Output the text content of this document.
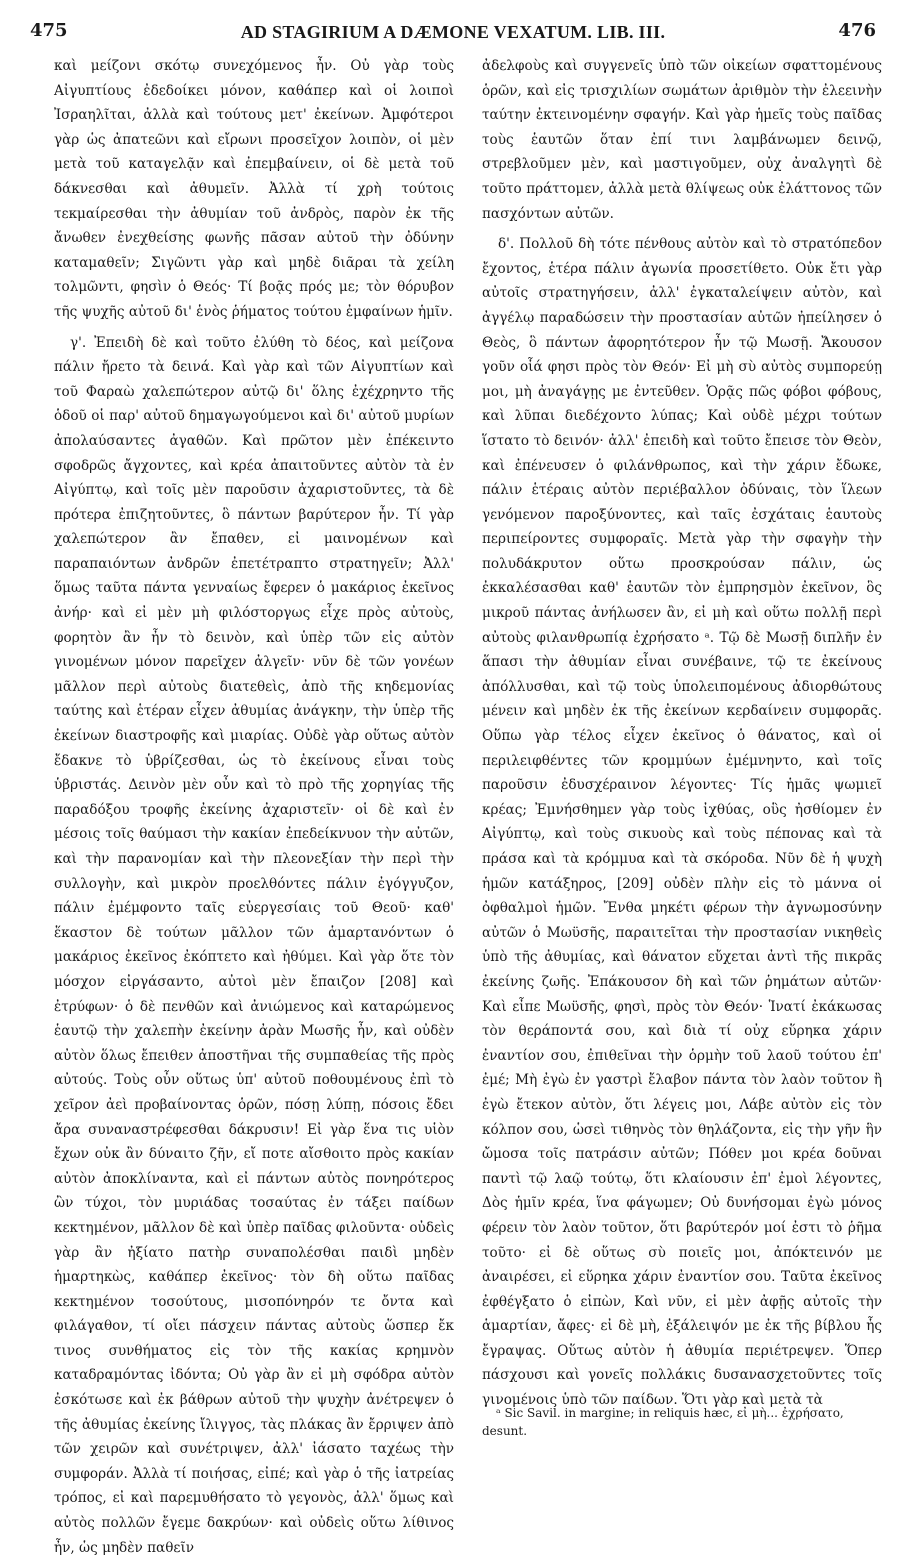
475	AD STAGIRIUM A DÆMONE VEXATUM. LIB. III.	476

καὶ μείζονι σκότῳ συνεχόμενος ἦν. Οὐ γὰρ τοὺς Αἰγυπτίους ἐδεδοίκει μόνον, καθάπερ καὶ οἱ λοιποὶ Ἰσραηλῖται, ἀλλὰ καὶ τούτους μετ' ἐκείνων. Ἀμφότεροι γὰρ ὡς ἀπατεῶνι καὶ εἴρωνι προσεῖχον λοιπὸν, οἱ μὲν μετὰ τοῦ καταγελᾷν καὶ ἐπεμβαίνειν, οἱ δὲ μετὰ τοῦ δάκνεσθαι καὶ ἀθυμεῖν. Ἀλλὰ τί χρὴ τούτοις τεκμαίρεσθαι τὴν ἀθυμίαν τοῦ ἀνδρὸς, παρὸν ἐκ τῆς ἄνωθεν ἐνεχθείσης φωνῆς πᾶσαν αὐτοῦ τὴν ὀδύνην καταμαθεῖν; Σιγῶντι γὰρ καὶ μηδὲ διᾶραι τὰ χείλη τολμῶντι, φησὶν ὁ Θεός· Τί βοᾷς πρός με; τὸν θόρυβον τῆς ψυχῆς αὐτοῦ δι' ἑνὸς ῥήματος τούτου ἐμφαίνων ἡμῖν.

γ'. Ἐπειδὴ δὲ καὶ τοῦτο ἐλύθη τὸ δέος, καὶ μείζονα πάλιν ἤρετο τὰ δεινά. Καὶ γὰρ καὶ τῶν Αἰγυπτίων καὶ τοῦ Φαραὼ χαλεπώτερον αὐτῷ δι' ὅλης ἐχέχρηντο τῆς ὁδοῦ οἱ παρ' αὐτοῦ δημαγωγούμενοι καὶ δι' αὐτοῦ μυρίων ἀπολαύσαντες ἀγαθῶν. Καὶ πρῶτον μὲν ἐπέκειντο σφοδρῶς ἄγχοντες, καὶ κρέα ἀπαιτοῦντες αὐτὸν τὰ ἐν Αἰγύπτῳ, καὶ τοῖς μὲν παροῦσιν ἀχαριστοῦντες, τὰ δὲ πρότερα ἐπιζητοῦντες, ὃ πάντων βαρύτερον ἦν. Τί γὰρ χαλεπώτερον ἂν ἔπαθεν, εἰ μαινομένων καὶ παραπαιόντων ἀνδρῶν ἐπετέτραπτο στρατηγεῖν; Ἀλλ' ὅμως ταῦτα πάντα γενναίως ἔφερεν ὁ μακάριος ἐκεῖνος ἀνήρ· καὶ εἰ μὲν μὴ φιλόστοργως εἶχε πρὸς αὐτοὺς, φορητὸν ἂν ἦν τὸ δεινὸν, καὶ ὑπὲρ τῶν εἰς αὐτὸν γινομένων μόνον παρεῖχεν ἀλγεῖν· νῦν δὲ τῶν γονέων μᾶλλον περὶ αὐτοὺς διατεθεὶς, ἀπὸ τῆς κηδεμονίας ταύτης καὶ ἑτέραν εἶχεν ἀθυμίας ἀνάγκην, τὴν ὑπὲρ τῆς ἐκείνων διαστροφῆς καὶ μιαρίας. Οὐδὲ γὰρ οὕτως αὐτὸν ἔδακνε τὸ ὑβρίζεσθαι, ὡς τὸ ἐκείνους εἶναι τοὺς ὑβριστάς. Δεινὸν μὲν οὖν καὶ τὸ πρὸ τῆς χορηγίας τῆς παραδόξου τροφῆς ἐκείνης ἀχαριστεῖν· οἱ δὲ καὶ ἐν μέσοις τοῖς θαύμασι τὴν κακίαν ἐπεδείκνυον τὴν αὐτῶν, καὶ τὴν παρανομίαν καὶ τὴν πλεονεξίαν τὴν περὶ τὴν συλλογὴν, καὶ μικρὸν προελθόντες πάλιν ἐγόγγυζον, πάλιν ἐμέμφοντο ταῖς εὐεργεσίαις τοῦ Θεοῦ· καθ' ἕκαστον δὲ τούτων μᾶλλον τῶν ἁμαρτανόντων ὁ μακάριος ἐκεῖνος ἐκόπτετο καὶ ἠθύμει. Καὶ γὰρ ὅτε τὸν μόσχον εἰργάσαντο, αὐτοὶ μὲν ἔπαιζον [208] καὶ ἐτρύφων· ὁ δὲ πενθῶν καὶ ἀνιώμενος καὶ καταρώμενος ἑαυτῷ τὴν χαλεπὴν ἐκείνην ἀρὰν Μωσῆς ἦν, καὶ οὐδὲν αὐτὸν ὅλως ἔπειθεν ἀποστῆναι τῆς συμπαθείας τῆς πρὸς αὐτούς. Τοὺς οὖν οὕτως ὑπ' αὐτοῦ ποθουμένους ἐπὶ τὸ χεῖρον ἀεὶ προβαίνοντας ὁρῶν, πόσῃ λύπῃ, πόσοις ἔδει ἄρα συναναστρέφεσθαι δάκρυσιν! Εἰ γὰρ ἕνα τις υἱὸν ἔχων οὐκ ἂν δύναιτο ζῆν, εἴ ποτε αἴσθοιτο πρὸς κακίαν αὐτὸν ἀποκλίναντα, καὶ εἰ πάντων αὐτὸς πονηρότερος ὢν τύχοι, τὸν μυριάδας τοσαύτας ἐν τάξει παίδων κεκτημένον, μᾶλλον δὲ καὶ ὑπὲρ παῖδας φιλοῦντα· οὐδεὶς γὰρ ἂν ἠξίατο πατὴρ συναπολέσθαι παιδὶ μηδὲν ἡμαρτηκὼς, καθάπερ ἐκεῖνος· τὸν δὴ οὕτω παῖδας κεκτημένον τοσούτους, μισοπόνηρόν τε ὄντα καὶ φιλάγαθον, τί οἴει πάσχειν πάντας αὐτοὺς ὥσπερ ἔκ τινος συνθήματος εἰς τὸν τῆς κακίας κρημνὸν καταδραμόντας ἰδόντα; Οὐ γὰρ ἂν εἰ μὴ σφόδρα αὐτὸν ἐσκότωσε καὶ ἐκ βάθρων αὐτοῦ τὴν ψυχὴν ἀνέτρεψεν ὁ τῆς ἀθυμίας ἐκείνης ἴλιγγος, τὰς πλάκας ἂν ἔρριψεν ἀπὸ τῶν χειρῶν καὶ συνέτριψεν, ἀλλ' ἰάσατο ταχέως τὴν συμφοράν. Ἀλλὰ τί ποιήσας, εἰπέ; καὶ γὰρ ὁ τῆς ἰατρείας τρόπος, εἰ καὶ παρεμυθήσατο τὸ γεγονὸς, ἀλλ' ὅμως καὶ αὐτὸς πολλῶν ἔγεμε δακρύων· καὶ οὐδεὶς οὕτω λίθινος ἦν, ὡς μηδὲν παθεῖν

ἀδελφοὺς καὶ συγγενεῖς ὑπὸ τῶν οἰκείων σφαττομένους ὁρῶν, καὶ εἰς τρισχιλίων σωμάτων ἀριθμὸν τὴν ἐλεεινὴν ταύτην ἐκτεινομένην σφαγήν. Καὶ γὰρ ἡμεῖς τοὺς παῖδας τοὺς ἑαυτῶν ὅταν ἐπί τινι λαμβάνωμεν δεινῷ, στρεβλοῦμεν μὲν, καὶ μαστιγοῦμεν, οὐχ ἀναλγητὶ δὲ τοῦτο πράττομεν, ἀλλὰ μετὰ θλίψεως οὐκ ἐλάττονος τῶν πασχόντων αὐτῶν.

δ'. Πολλοῦ δὴ τότε πένθους αὐτὸν καὶ τὸ στρατόπεδον ἔχοντος, ἑτέρα πάλιν ἀγωνία προσετίθετο. Οὐκ ἔτι γὰρ αὐτοῖς στρατηγήσειν, ἀλλ' ἐγκαταλείψειν αὐτὸν, καὶ ἀγγέλῳ παραδώσειν τὴν προστασίαν αὐτῶν ἠπείλησεν ὁ Θεὸς, ὃ πάντων ἀφορητότερον ἦν τῷ Μωσῇ. Ἄκουσον γοῦν οἷά φησι πρὸς τὸν Θεόν· Εἰ μὴ σὺ αὐτὸς συμπορεύῃ μοι, μὴ ἀναγάγῃς με ἐντεῦθεν. Ὁρᾷς πῶς φόβοι φόβους, καὶ λῦπαι διεδέχοντο λύπας; Καὶ οὐδὲ μέχρι τούτων ἵστατο τὸ δεινόν· ἀλλ' ἐπειδὴ καὶ τοῦτο ἔπεισε τὸν Θεὸν, καὶ ἐπένευσεν ὁ φιλάνθρωπος, καὶ τὴν χάριν ἔδωκε, πάλιν ἑτέραις αὐτὸν περιέβαλλον ὀδύναις, τὸν ἵλεων γενόμενον παροξύνοντες, καὶ ταῖς ἐσχάταις ἑαυτοὺς περιπείροντες συμφοραῖς. Μετὰ γὰρ τὴν σφαγὴν τὴν πολυδάκρυτον οὕτω προσκρούσαν πάλιν, ὡς ἐκκαλέσασθαι καθ' ἑαυτῶν τὸν ἐμπρησμὸν ἐκεῖνον, ὃς μικροῦ πάντας ἀνήλωσεν ἂν, εἰ μὴ καὶ οὕτω πολλῇ περὶ αὐτοὺς φιλανθρωπίᾳ ἐχρήσατο ᵃ. Τῷ δὲ Μωσῇ διπλῆν ἐν ἅπασι τὴν ἀθυμίαν εἶναι συνέβαινε, τῷ τε ἐκείνους ἀπόλλυσθαι, καὶ τῷ τοὺς ὑπολειπομένους ἀδιορθώτους μένειν καὶ μηδὲν ἐκ τῆς ἐκείνων κερδαίνειν συμφορᾶς. Οὕπω γὰρ τέλος εἶχεν ἐκεῖνος ὁ θάνατος, καὶ οἱ περιλειφθέντες τῶν κρομμύων ἐμέμνηντο, καὶ τοῖς παροῦσιν ἐδυσχέραινον λέγοντες· Τίς ἡμᾶς ψωμιεῖ κρέας; Ἐμνήσθημεν γὰρ τοὺς ἰχθύας, οὓς ἠσθίομεν ἐν Αἰγύπτῳ, καὶ τοὺς σικυοὺς καὶ τοὺς πέπονας καὶ τὰ πράσα καὶ τὰ κρόμμυα καὶ τὰ σκόροδα. Νῦν δὲ ἡ ψυχὴ ἡμῶν κατάξηρος, [209] οὐδὲν πλὴν εἰς τὸ μάννα οἱ ὀφθαλμοὶ ἡμῶν. Ἔνθα μηκέτι φέρων τὴν ἀγνωμοσύνην αὐτῶν ὁ Μωϋσῆς, παραιτεῖται τὴν προστασίαν νικηθεὶς ὑπὸ τῆς ἀθυμίας, καὶ θάνατον εὔχεται ἀντὶ τῆς πικρᾶς ἐκείνης ζωῆς. Ἐπάκουσον δὴ καὶ τῶν ῥημάτων αὐτῶν· Καὶ εἶπε Μωϋσῆς, φησὶ, πρὸς τὸν Θεόν· Ἱνατί ἐκάκωσας τὸν θεράποντά σου, καὶ διὰ τί οὐχ εὕρηκα χάριν ἐναντίον σου, ἐπιθεῖναι τὴν ὁρμὴν τοῦ λαοῦ τούτου ἐπ' ἐμέ; Μὴ ἐγὼ ἐν γαστρὶ ἔλαβον πάντα τὸν λαὸν τοῦτον ἢ ἐγὼ ἔτεκον αὐτὸν, ὅτι λέγεις μοι, Λάβε αὐτὸν εἰς τὸν κόλπον σου, ὡσεὶ τιθηνὸς τὸν θηλάζοντα, εἰς τὴν γῆν ἣν ὤμοσα τοῖς πατράσιν αὐτῶν; Πόθεν μοι κρέα δοῦναι παντὶ τῷ λαῷ τούτῳ, ὅτι κλαίουσιν ἐπ' ἐμοὶ λέγοντες, Δὸς ἡμῖν κρέα, ἵνα φάγωμεν; Οὐ δυνήσομαι ἐγὼ μόνος φέρειν τὸν λαὸν τοῦτον, ὅτι βαρύτερόν μοί ἐστι τὸ ῥῆμα τοῦτο· εἰ δὲ οὕτως σὺ ποιεῖς μοι, ἀπόκτεινόν με ἀναιρέσει, εἰ εὕρηκα χάριν ἐναντίον σου. Ταῦτα ἐκεῖνος ἐφθέγξατο ὁ εἰπὼν, Καὶ νῦν, εἰ μὲν ἀφῇς αὐτοῖς τὴν ἁμαρτίαν, ἄφες· εἰ δὲ μὴ, ἐξάλειψόν με ἐκ τῆς βίβλου ἧς ἔγραψας. Οὕτως αὐτὸν ἡ ἀθυμία περιέτρεψεν. Ὅπερ πάσχουσι καὶ γονεῖς πολλάκις δυσανασχετοῦντες τοῖς γινομένοις ὑπὸ τῶν παίδων. Ὅτι γὰρ καὶ μετὰ τὰ

ᵃ Sic Savil. in margine; in reliquis hæc, εἰ μὴ... ἐχρήσατο, desunt.
